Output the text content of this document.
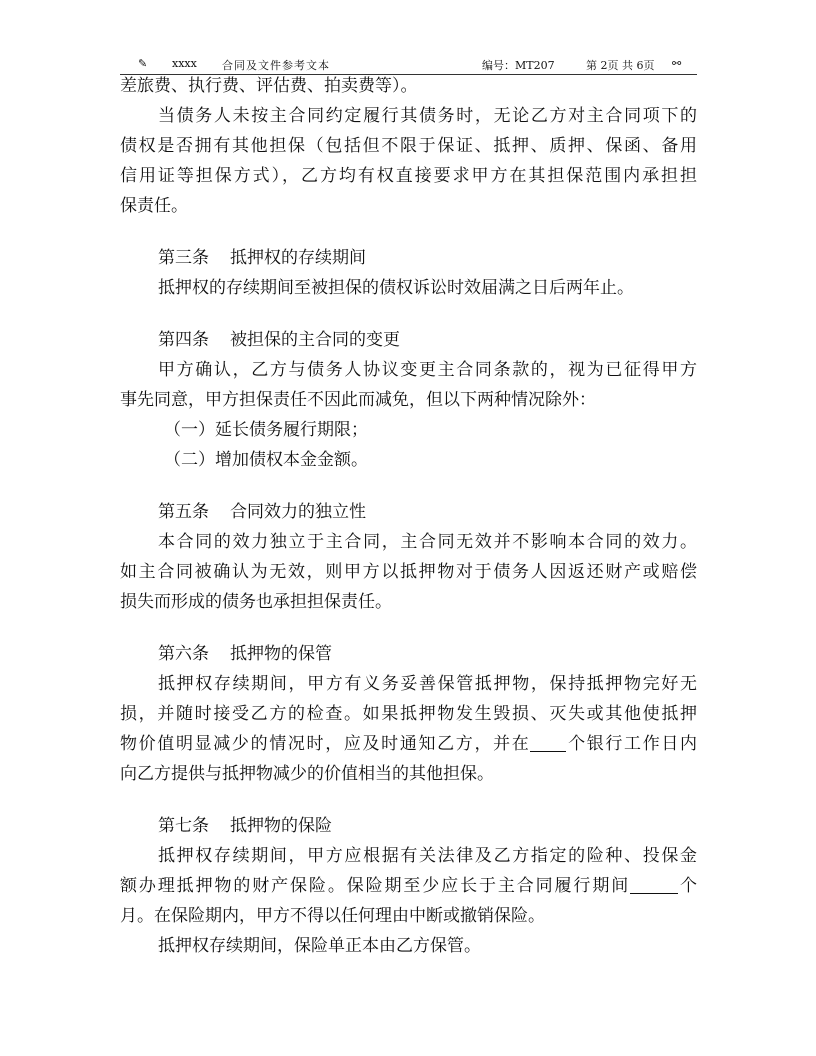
✎ xxxx 合同及文件参考文本	编号：MT207	第 2页 共 6页 ⚯
差旅费、执行费、评估费、拍卖费等）。
当债务人未按主合同约定履行其债务时，无论乙方对主合同项下的
债权是否拥有其他担保（包括但不限于保证、抵押、质押、保函、备用
信用证等担保方式），乙方均有权直接要求甲方在其担保范围内承担担
保责任。
第三条 抵押权的存续期间
抵押权的存续期间至被担保的债权诉讼时效届满之日后两年止。
第四条 被担保的主合同的变更
甲方确认，乙方与债务人协议变更主合同条款的，视为已征得甲方
事先同意，甲方担保责任不因此而减免，但以下两种情况除外：
（一）延长债务履行期限；
（二）增加债权本金金额。
第五条 合同效力的独立性
本合同的效力独立于主合同，主合同无效并不影响本合同的效力。
如主合同被确认为无效，则甲方以抵押物对于债务人因返还财产或赔偿
损失而形成的债务也承担担保责任。
第六条 抵押物的保管
抵押权存续期间，甲方有义务妥善保管抵押物，保持抵押物完好无
损，并随时接受乙方的检查。如果抵押物发生毁损、灭失或其他使抵押
物价值明显减少的情况时，应及时通知乙方，并在 个银行工作日内
向乙方提供与抵押物减少的价值相当的其他担保。
第七条 抵押物的保险
抵押权存续期间，甲方应根据有关法律及乙方指定的险种、投保金
额办理抵押物的财产保险。保险期至少应长于主合同履行期间	个
月。在保险期内，甲方不得以任何理由中断或撤销保险。
抵押权存续期间，保险单正本由乙方保管。
